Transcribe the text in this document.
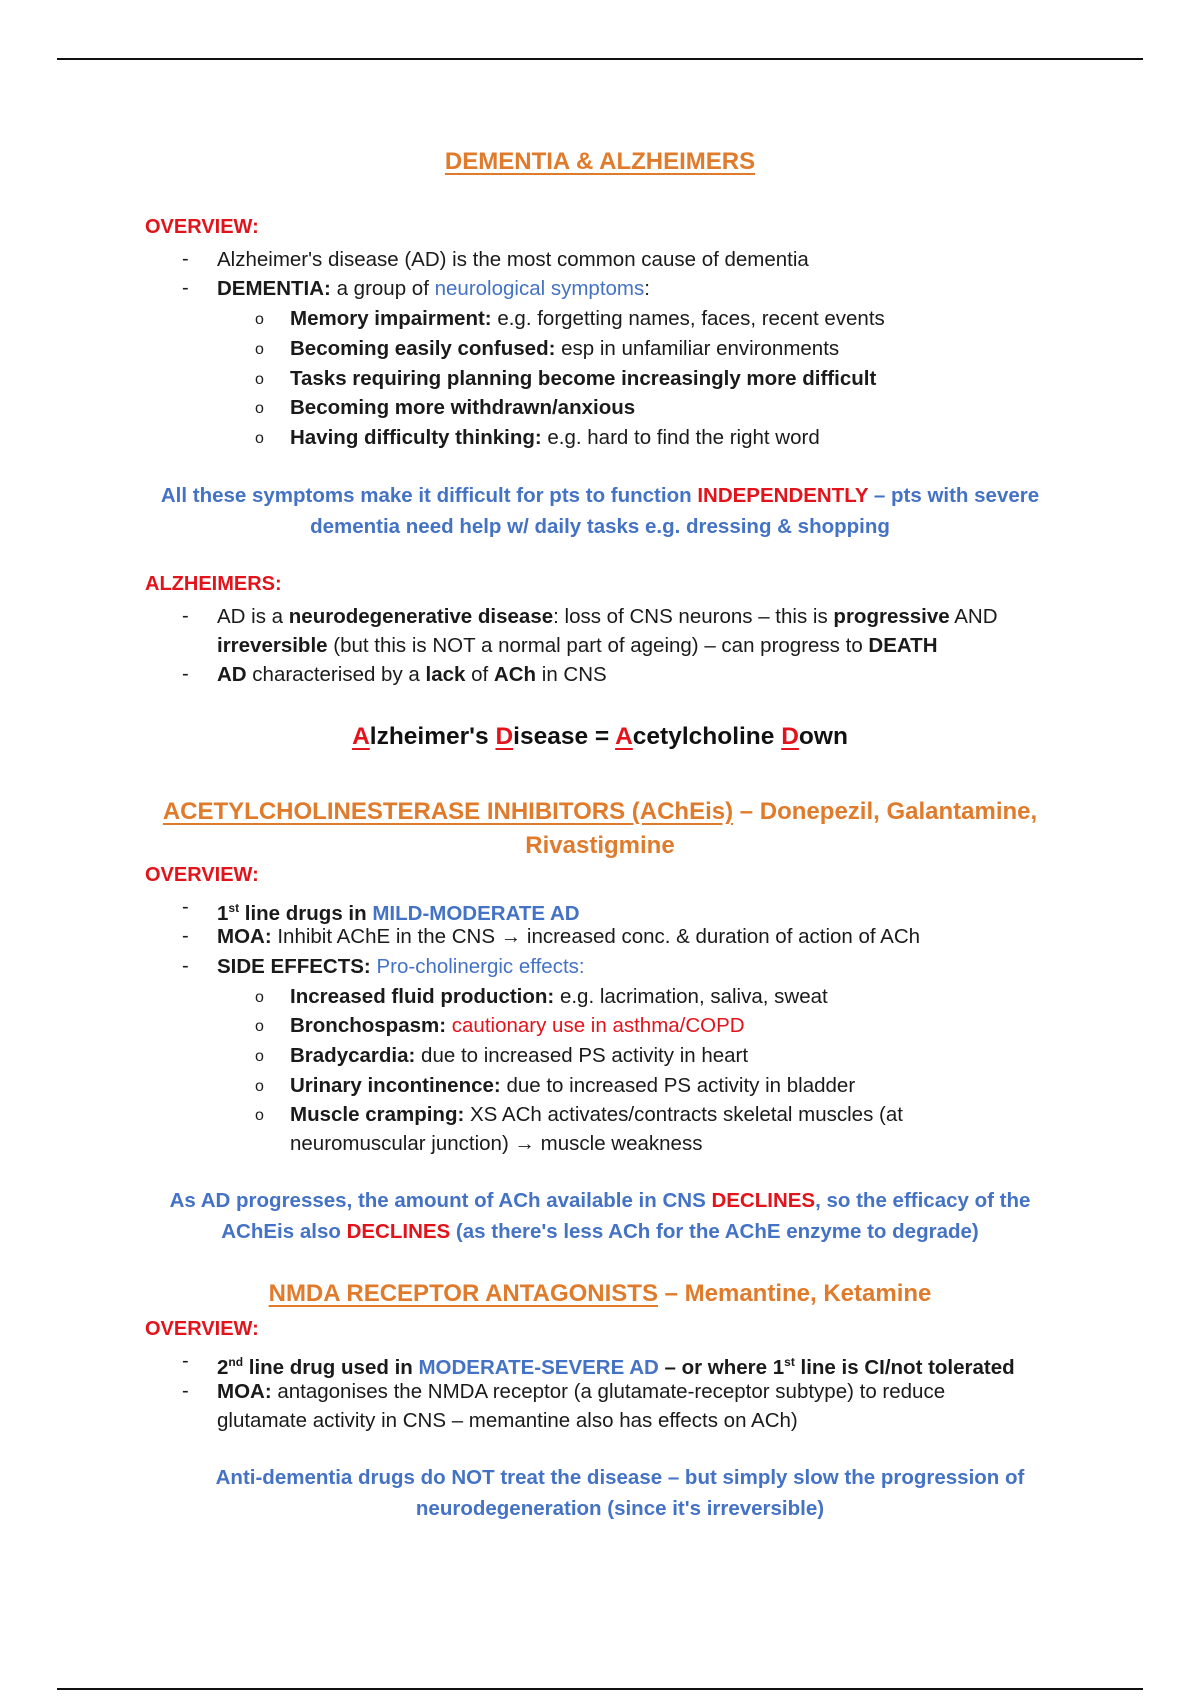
DEMENTIA & ALZHEIMERS
OVERVIEW:
- Alzheimer's disease (AD) is the most common cause of dementia
- DEMENTIA: a group of neurological symptoms:
o Memory impairment: e.g. forgetting names, faces, recent events
o Becoming easily confused: esp in unfamiliar environments
o Tasks requiring planning become increasingly more difficult
o Becoming more withdrawn/anxious
o Having difficulty thinking: e.g. hard to find the right word
All these symptoms make it difficult for pts to function INDEPENDENTLY – pts with severe
dementia need help w/ daily tasks e.g. dressing & shopping
ALZHEIMERS:
- AD is a neurodegenerative disease: loss of CNS neurons – this is progressive AND
irreversible (but this is NOT a normal part of ageing) – can progress to DEATH
- AD characterised by a lack of ACh in CNS
Alzheimer's Disease = Acetylcholine Down
ACETYLCHOLINESTERASE INHIBITORS (AChEis) – Donepezil, Galantamine,
Rivastigmine
OVERVIEW:
- 1st line drugs in MILD-MODERATE AD
- MOA: Inhibit AChE in the CNS → increased conc. & duration of action of ACh
- SIDE EFFECTS: Pro-cholinergic effects:
o Increased fluid production: e.g. lacrimation, saliva, sweat
o Bronchospasm: cautionary use in asthma/COPD
o Bradycardia: due to increased PS activity in heart
o Urinary incontinence: due to increased PS activity in bladder
o Muscle cramping: XS ACh activates/contracts skeletal muscles (at
neuromuscular junction) → muscle weakness
As AD progresses, the amount of ACh available in CNS DECLINES, so the efficacy of the
AChEis also DECLINES (as there's less ACh for the AChE enzyme to degrade)
NMDA RECEPTOR ANTAGONISTS – Memantine, Ketamine
OVERVIEW:
- 2nd line drug used in MODERATE-SEVERE AD – or where 1st line is CI/not tolerated
- MOA: antagonises the NMDA receptor (a glutamate-receptor subtype) to reduce
glutamate activity in CNS – memantine also has effects on ACh)
Anti-dementia drugs do NOT treat the disease – but simply slow the progression of
neurodegeneration (since it's irreversible)
